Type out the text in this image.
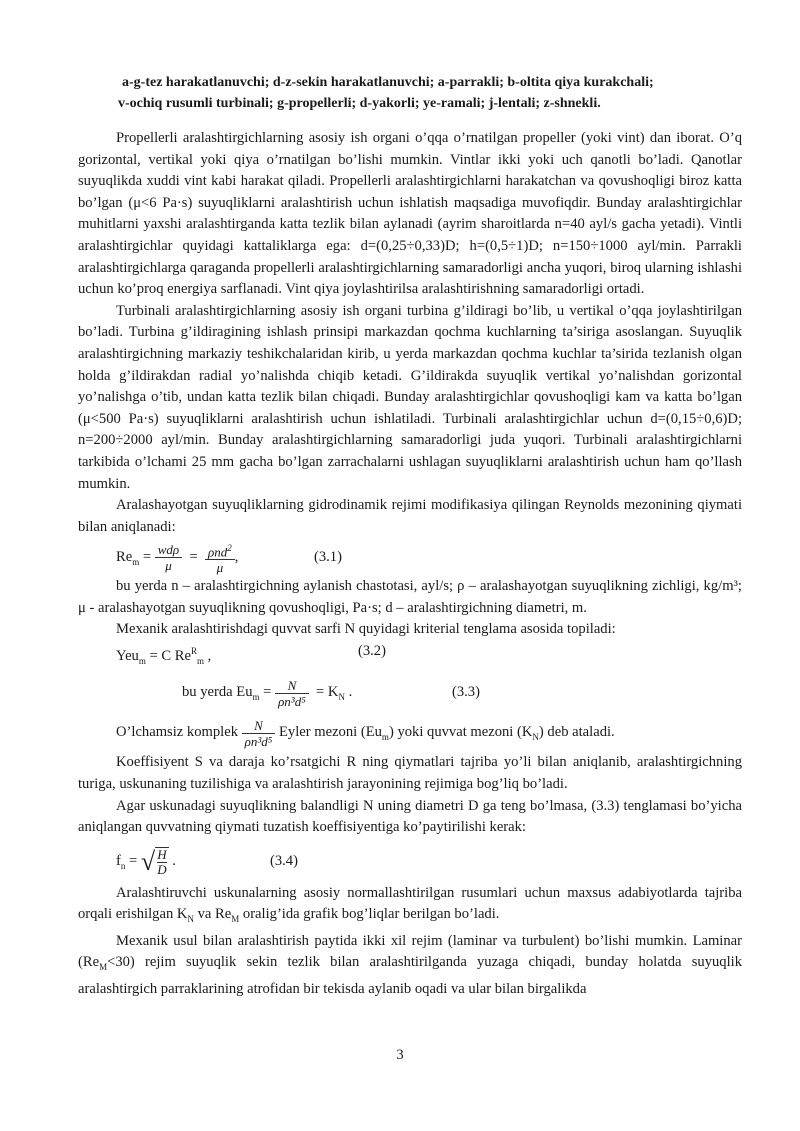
a-g-tez harakatlanuvchi; d-z-sekin harakatlanuvchi; a-parrakli; b-oltita qiya kurakchali;
v-ochiq rusumli turbinali; g-propellerli; d-yakorli; ye-ramali; j-lentali; z-shnekli.

Propellerli aralashtirgichlarning asosiy ish organi o’qqa o’rnatilgan propeller (yoki vint) dan iborat. O’q gorizontal, vertikal yoki qiya o’rnatilgan bo’lishi mumkin. Vintlar ikki yoki uch qanotli bo’ladi. Qanotlar suyuqlikda xuddi vint kabi harakat qiladi. Propellerli aralashtirgichlarni harakatchan va qovushoqligi biroz katta bo’lgan (μ<6 Pa·s) suyuqliklarni aralashtirish uchun ishlatish maqsadiga muvofiqdir. Bunday aralashtirgichlar muhitlarni yaxshi aralashtirganda katta tezlik bilan aylanadi (ayrim sharoitlarda n=40 ayl/s gacha yetadi). Vintli aralashtirgichlar quyidagi kattaliklarga ega: d=(0,25÷0,33)D; h=(0,5÷1)D; n=150÷1000 ayl/min. Parrakli aralashtirgichlarga qaraganda propellerli aralashtirgichlarning samaradorligi ancha yuqori, biroq ularning ishlashi uchun ko’proq energiya sarflanadi. Vint qiya joylashtirilsa aralashtirishning samaradorligi ortadi.

Turbinali aralashtirgichlarning asosiy ish organi turbina g’ildiragi bo’lib, u vertikal o’qqa joylashtirilgan bo’ladi. Turbina g’ildiragining ishlash prinsipi markazdan qochma kuchlarning ta’siriga asoslangan. Suyuqlik aralashtirgichning markaziy teshikchalaridan kirib, u yerda markazdan qochma kuchlar ta’sirida tezlanish olgan holda g’ildirakdan radial yo’nalishda chiqib ketadi. G’ildirakda suyuqlik vertikal yo’nalishdan gorizontal yo’nalishga o’tib, undan katta tezlik bilan chiqadi. Bunday aralashtirgichlar qovushoqligi kam va katta bo’lgan (μ<500 Pa·s) suyuqliklarni aralashtirish uchun ishlatiladi. Turbinali aralashtirgichlar uchun d=(0,15÷0,6)D; n=200÷2000 ayl/min. Bunday aralashtirgichlarning samaradorligi juda yuqori. Turbinali aralashtirgichlarni tarkibida o’lchami 25 mm gacha bo’lgan zarrachalarni ushlagan suyuqliklarni aralashtirish uchun ham qo’llash mumkin.

Aralashayotgan suyuqliklarning gidrodinamik rejimi modifikasiya qilingan Reynolds mezonining qiymati bilan aniqlanadi:

$Re_m = \frac{\text{wdρ}}{\mu} = \frac{\rho nd^2}{\mu}$ ,	(3.1)

bu yerda n – aralashtirgichning aylanish chastotasi, ayl/s; ρ – aralashayotgan suyuqlikning zichligi, kg/m³; μ - aralashayotgan suyuqlikning qovushoqligi, Pa·s; d – aralashtirgichning diametri, m.

Mexanik aralashtirishdagi quvvat sarfi N quyidagi kriterial tenglama asosida topiladi:

Yeu$_m$ = C $Re^R_m$ ,	(3.2)
bu yerda $Eu_m = \frac{N}{\text{ρn³d⁵}} = K_N$ .	(3.3)
O’lchamsiz komplek $\frac{N}{\text{ρn³d⁵}}$ Eyler mezoni $(Eu_m)$ yoki quvvat mezoni $(K_N)$ deb ataladi.

Koeffisiyent S va daraja ko’rsatgichi R ning qiymatlari tajriba yo’li bilan aniqlanib, aralashtirgichning turiga, uskunaning tuzilishiga va aralashtirish jarayonining rejimiga bog’liq bo’ladi.

Agar uskunadagi suyuqlikning balandligi N uning diametri D ga teng bo’lmasa, (3.3) tenglamasi bo’yicha aniqlangan quvvatning qiymati tuzatish koeffisiyentiga ko’paytirilishi kerak:

$f_n$ = √ $\frac{H}{D}$ .	(3.4)

Aralashtiruvchi uskunalarning asosiy normallashtirilgan rusumlari uchun maxsus adabiyotlarda tajriba orqali erishilgan $K_N$ va $Re_M$ oralig’ida grafik bog’liqlar berilgan bo’ladi.

Mexanik usul bilan aralashtirish paytida ikki xil rejim (laminar va turbulent) bo’lishi mumkin. Laminar $(Re_M<30)$ rejim suyuqlik sekin tezlik bilan aralashtirilganda yuzaga chiqadi, bunday holatda suyuqlik aralashtirgich parraklarining atrofidan bir tekisda aylanib oqadi va ular bilan birgalikda

3
